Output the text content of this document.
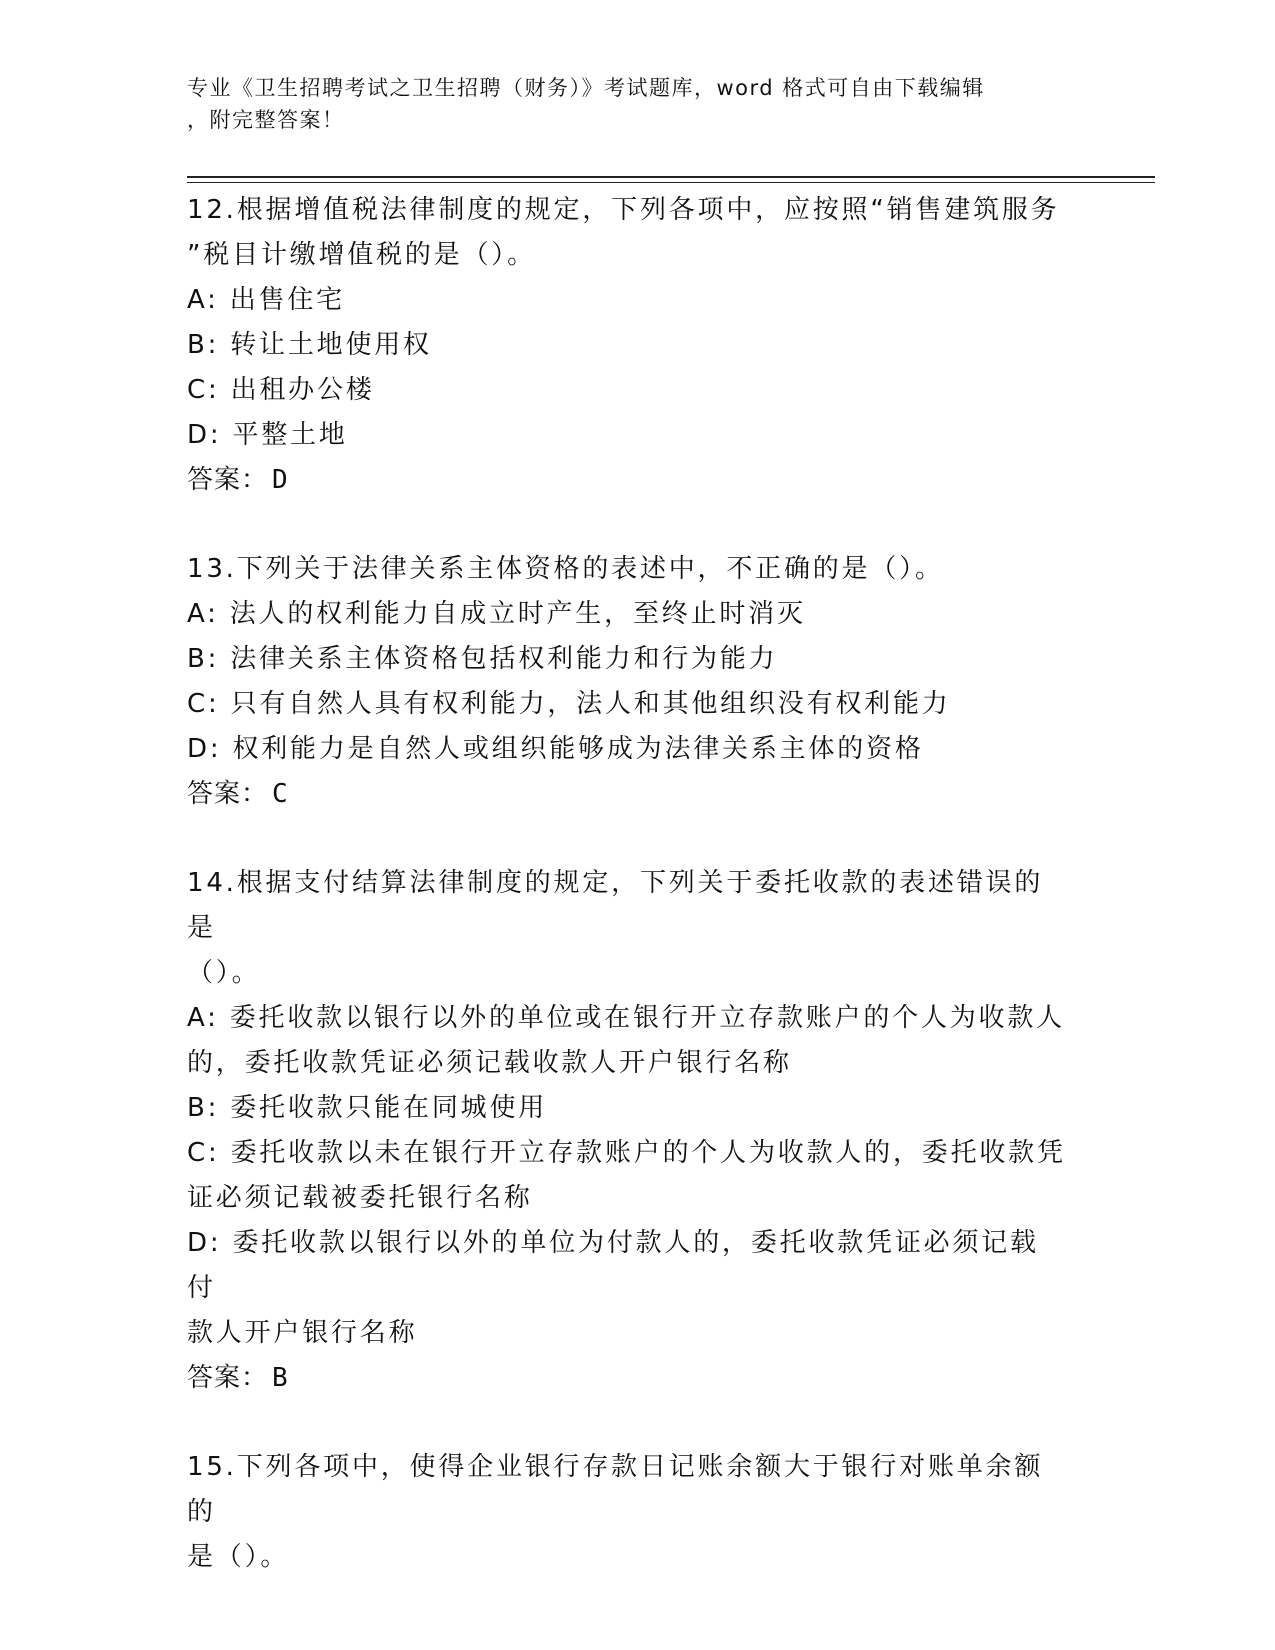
专业《卫生招聘考试之卫生招聘（财务）》考试题库，word 格式可自由下载编辑

，附完整答案！

12.根据增值税法律制度的规定，下列各项中，应按照“销售建筑服务

”税目计缴增值税的是（）。

A: 出售住宅

B: 转让土地使用权

C: 出租办公楼

D: 平整土地

答案： D

13.下列关于法律关系主体资格的表述中，不正确的是（）。

A: 法人的权利能力自成立时产生，至终止时消灭

B: 法律关系主体资格包括权利能力和行为能力

C: 只有自然人具有权利能力，法人和其他组织没有权利能力

D: 权利能力是自然人或组织能够成为法律关系主体的资格

答案： C

14.根据支付结算法律制度的规定，下列关于委托收款的表述错误的是

（）。

A: 委托收款以银行以外的单位或在银行开立存款账户的个人为收款人

的，委托收款凭证必须记载收款人开户银行名称

B: 委托收款只能在同城使用

C: 委托收款以未在银行开立存款账户的个人为收款人的，委托收款凭

证必须记载被委托银行名称

D: 委托收款以银行以外的单位为付款人的，委托收款凭证必须记载付

款人开户银行名称

答案： B

15.下列各项中，使得企业银行存款日记账余额大于银行对账单余额的

是（）。
